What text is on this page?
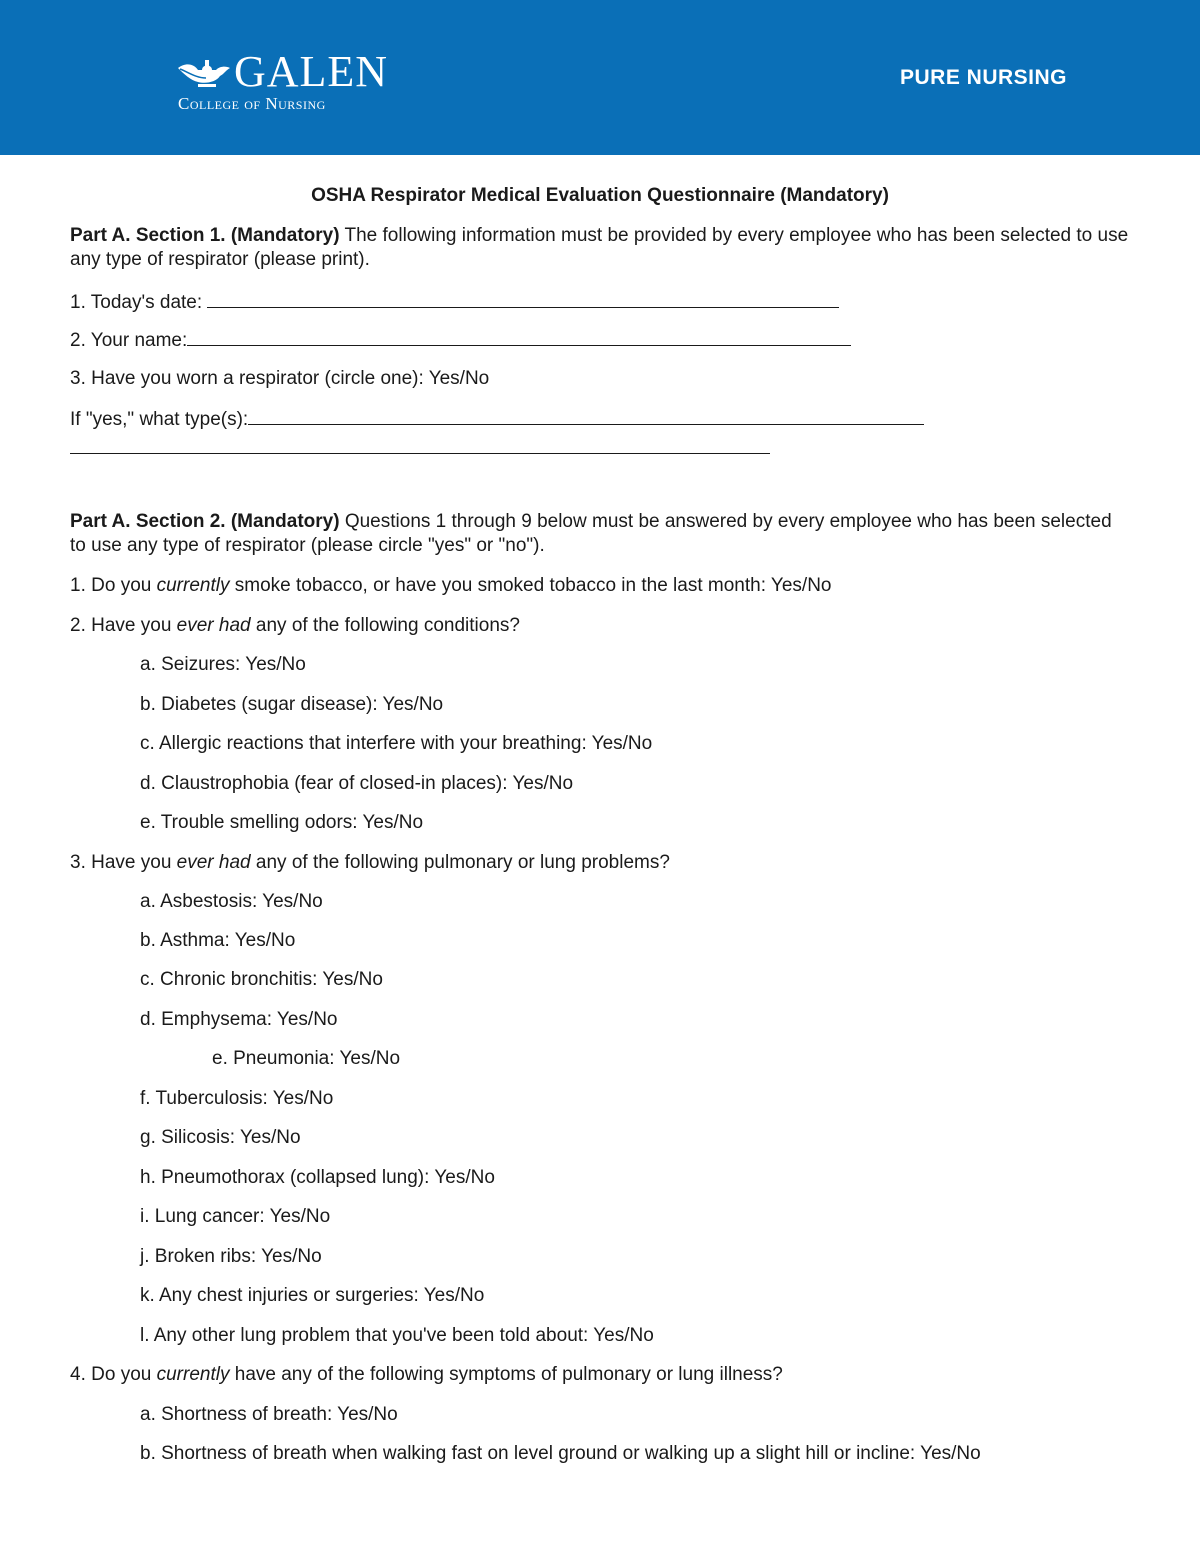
GALEN
College of Nursing
PURE NURSING
OSHA Respirator Medical Evaluation Questionnaire (Mandatory)
Part A. Section 1. (Mandatory) The following information must be provided by every employee who has been selected to use any type of respirator (please print).
1. Today's date:
2. Your name:
3. Have you worn a respirator (circle one): Yes/No
If "yes," what type(s):
Part A. Section 2. (Mandatory) Questions 1 through 9 below must be answered by every employee who has been selected to use any type of respirator (please circle "yes" or "no").
1. Do you currently smoke tobacco, or have you smoked tobacco in the last month: Yes/No
2. Have you ever had any of the following conditions?
a. Seizures: Yes/No
b. Diabetes (sugar disease): Yes/No
c. Allergic reactions that interfere with your breathing: Yes/No
d. Claustrophobia (fear of closed-in places): Yes/No
e. Trouble smelling odors: Yes/No
3. Have you ever had any of the following pulmonary or lung problems?
a. Asbestosis: Yes/No
b. Asthma: Yes/No
c. Chronic bronchitis: Yes/No
d. Emphysema: Yes/No
e. Pneumonia: Yes/No
f. Tuberculosis: Yes/No
g. Silicosis: Yes/No
h. Pneumothorax (collapsed lung): Yes/No
i. Lung cancer: Yes/No
j. Broken ribs: Yes/No
k. Any chest injuries or surgeries: Yes/No
l. Any other lung problem that you've been told about: Yes/No
4. Do you currently have any of the following symptoms of pulmonary or lung illness?
a. Shortness of breath: Yes/No
b. Shortness of breath when walking fast on level ground or walking up a slight hill or incline: Yes/No
